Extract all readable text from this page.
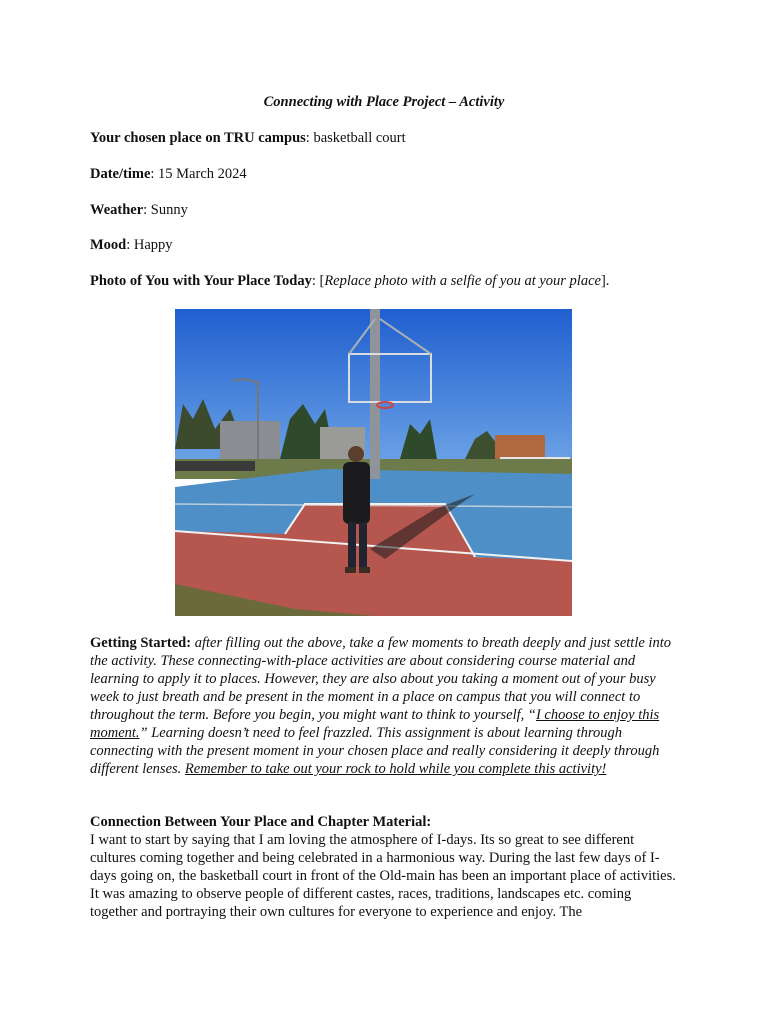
Connecting with Place Project – Activity
Your chosen place on TRU campus: basketball court
Date/time: 15 March 2024
Weather: Sunny
Mood: Happy
Photo of You with Your Place Today: [Replace photo with a selfie of you at your place].
Getting Started: after filling out the above, take a few moments to breath deeply and just settle into the activity. These connecting-with-place activities are about considering course material and learning to apply it to places. However, they are also about you taking a moment out of your busy week to just breath and be present in the moment in a place on campus that you will connect to throughout the term. Before you begin, you might want to think to yourself, “I choose to enjoy this moment.” Learning doesn’t need to feel frazzled. This assignment is about learning through connecting with the present moment in your chosen place and really considering it deeply through different lenses. Remember to take out your rock to hold while you complete this activity!
Connection Between Your Place and Chapter Material:
I want to start by saying that I am loving the atmosphere of I-days. Its so great to see different cultures coming together and being celebrated in a harmonious way. During the last few days of I-days going on, the basketball court in front of the Old-main has been an important place of activities. It was amazing to observe people of different castes, races, traditions, landscapes etc. coming together and portraying their own cultures for everyone to experience and enjoy. The
